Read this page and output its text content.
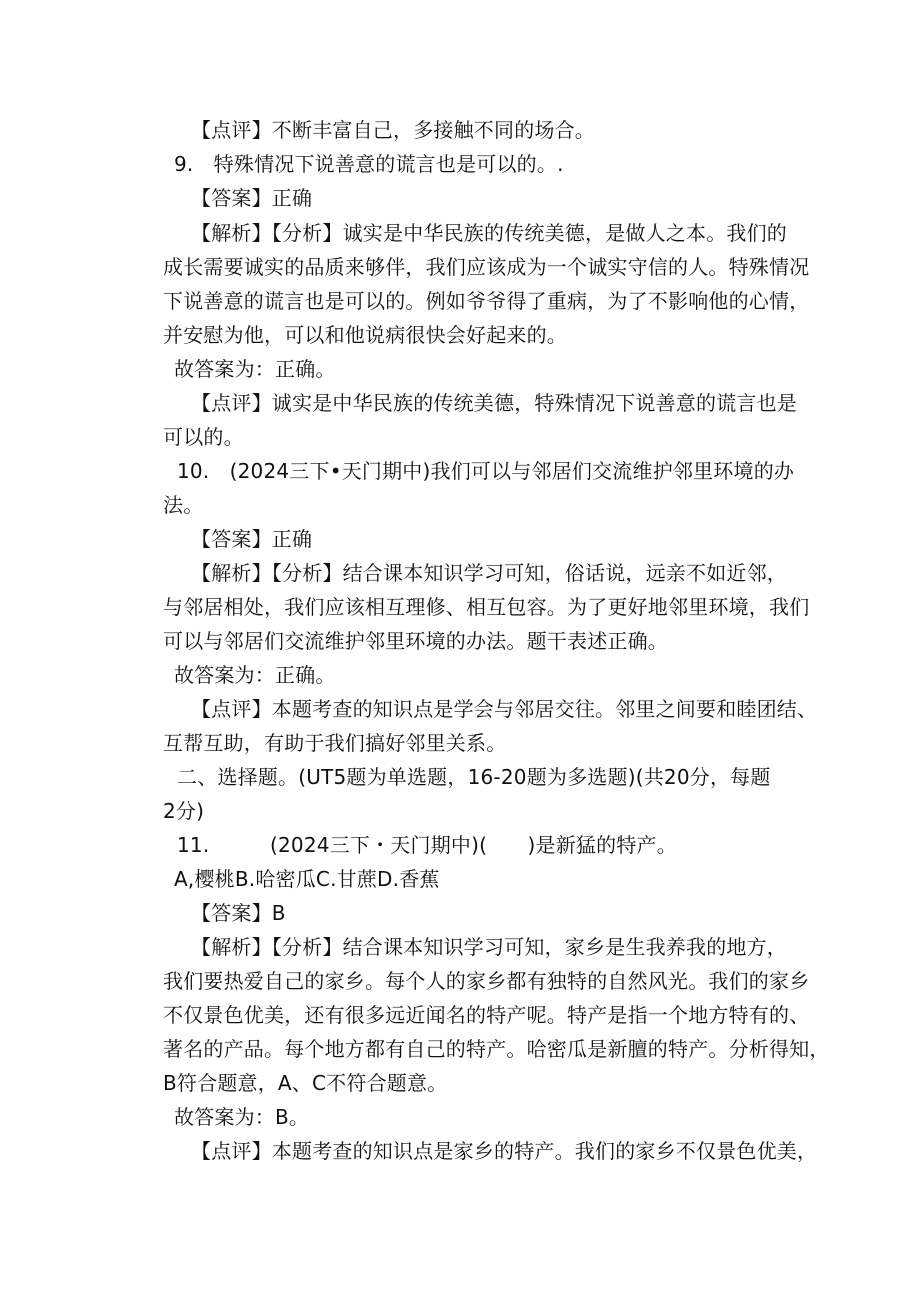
【点评】不断丰富自己，多接触不同的场合。
9.　特殊情况下说善意的谎言也是可以的。.
【答案】正确
【解析】【分析】诚实是中华民族的传统美德，是做人之本。我们的
成长需要诚实的品质来够伴，我们应该成为一个诚实守信的人。特殊情况
下说善意的谎言也是可以的。例如爷爷得了重病，为了不影响他的心情，
并安慰为他，可以和他说病很快会好起来的。
故答案为：正确。
【点评】诚实是中华民族的传统美德，特殊情况下说善意的谎言也是
可以的。
10.　(2024三下•天门期中)我们可以与邻居们交流维护邻里环境的办
法。
【答案】正确
【解析】【分析】结合课本知识学习可知，俗话说，远亲不如近邻，
与邻居相处，我们应该相互理修、相互包容。为了更好地邻里环境，我们
可以与邻居们交流维护邻里环境的办法。题干表述正确。
故答案为：正确。
【点评】本题考查的知识点是学会与邻居交往。邻里之间要和睦团结、
互帮互助，有助于我们搞好邻里关系。
二、选择题。(UT5题为单选题，16-20题为多选题)(共20分，每题
2分)
11.　　　(2024三下・天门期中)(　　)是新猛的特产。
A,樱桃B.哈密瓜C.甘蔗D.香蕉
【答案】B
【解析】【分析】结合课本知识学习可知，家乡是生我养我的地方，
我们要热爱自己的家乡。每个人的家乡都有独特的自然风光。我们的家乡
不仅景色优美，还有很多远近闻名的特产呢。特产是指一个地方特有的、
著名的产品。每个地方都有自己的特产。哈密瓜是新膻的特产。分析得知，
B符合题意，A、C不符合题意。
故答案为：B。
【点评】本题考查的知识点是家乡的特产。我们的家乡不仅景色优美，
